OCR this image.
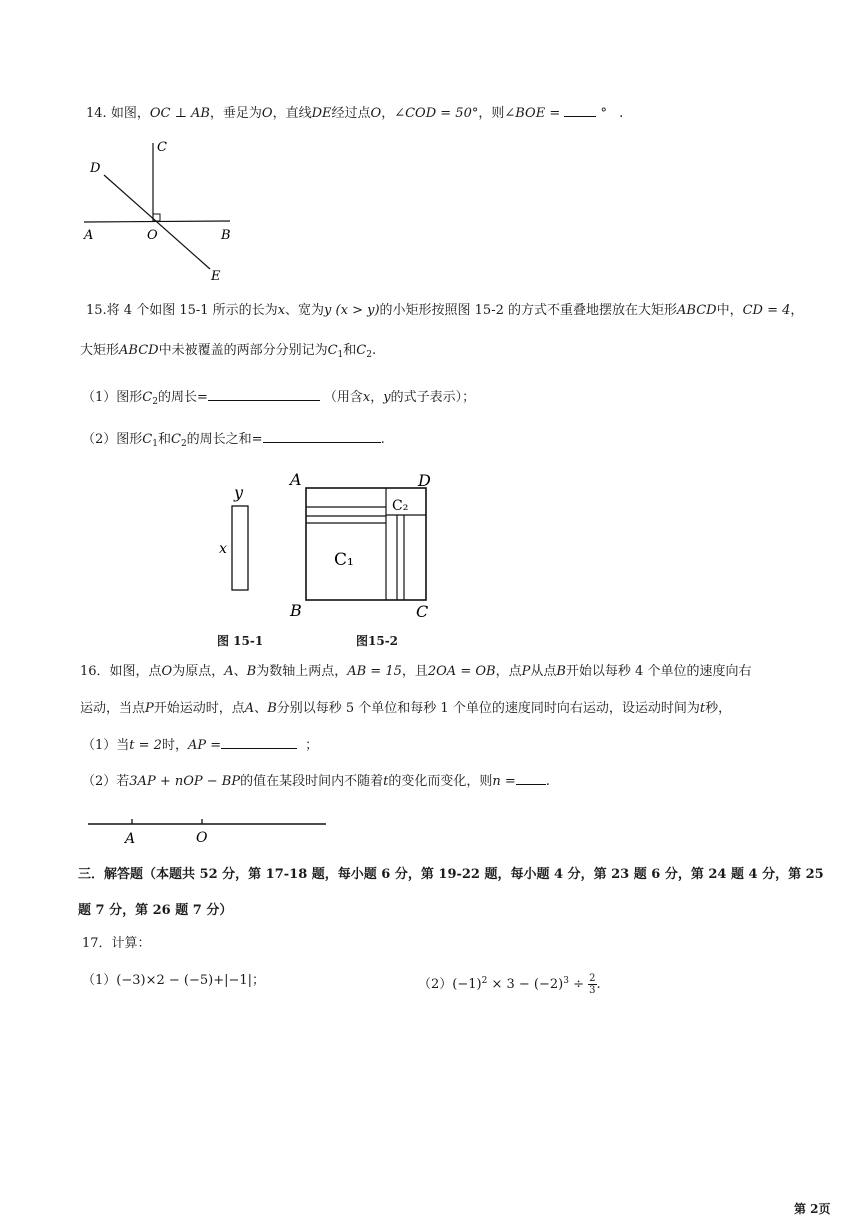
14. 如图，OC ⊥ AB，垂足为O，直线DE经过点O，∠COD = 50°，则∠BOE =	° .
C
D
A	O	B
E
15.将 4 个如图 15-1 所示的长为x、宽为y (x > y)的小矩形按照图 15-2 的方式不重叠地摆放在大矩形ABCD中，CD = 4，
大矩形ABCD中未被覆盖的两部分分别记为$C_1$和$C_2$.
（1）图形$C_2$的周长=	（用含x，y的式子表示）；
（2）图形$C_1$和$C_2$的周长之和=	.
y
x
图 15-1
A	D
B	C
C₁
C₂
图15-2
16．如图，点O为原点，A、B为数轴上两点，AB = 15，且2OA = OB，点P从点B开始以每秒 4 个单位的速度向右
运动，当点P开始运动时，点A、B分别以每秒 5 个单位和每秒 1 个单位的速度同时向右运动，设运动时间为t秒，
（1）当t = 2时，AP =	；
（2）若3AP + nOP − BP的值在某段时间内不随着t的变化而变化，则n = .
A	O
三．解答题（本题共 52 分，第 17-18 题，每小题 6 分，第 19-22 题，每小题 4 分，第 23 题 6 分，第 24 题 4 分，第 25
题 7 分，第 26 题 7 分）
17．计算：
（1）(−3)×2 − (−5)+|−1|；	$(2)(-1)^2 \times 3 - (-2)^3 \div \frac{2}{3}$ .
第 2页
